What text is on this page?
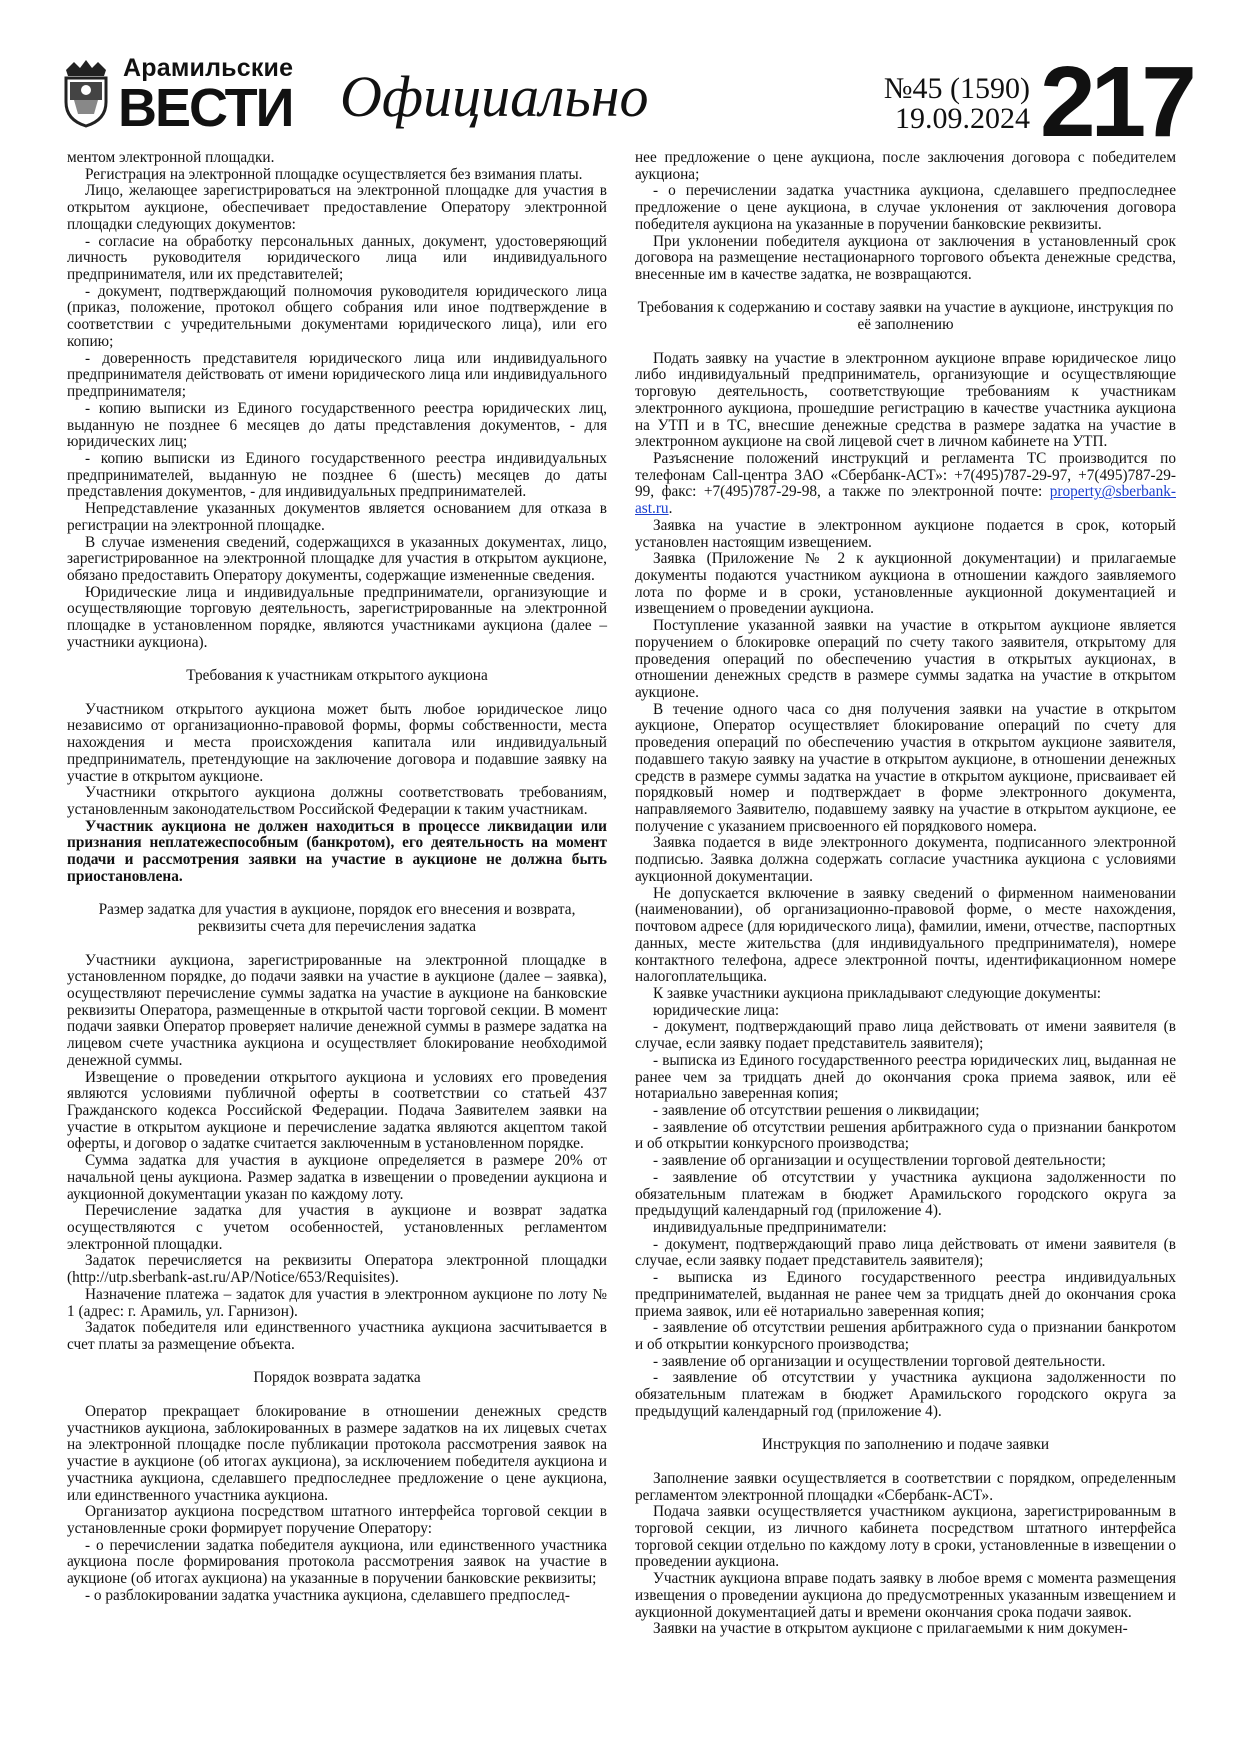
Арамильские
ВЕСТИ Официально	№45 (1590)
19.09.2024 217

ментом электронной площадки.

Регистрация на электронной площадке осуществляется без взимания платы.

Лицо, желающее зарегистрироваться на электронной площадке для участия в открытом аукционе, обеспечивает предоставление Оператору электронной площадки следующих документов:

- согласие на обработку персональных данных, документ, удостоверяющий личность руководителя юридического лица или индивидуального предпринимателя, или их представителей;

- документ, подтверждающий полномочия руководителя юридического лица (приказ, положение, протокол общего собрания или иное подтверждение в соответствии с учредительными документами юридического лица), или его копию;

- доверенность представителя юридического лица или индивидуального предпринимателя действовать от имени юридического лица или индивидуального предпринимателя;

- копию выписки из Единого государственного реестра юридических лиц, выданную не позднее 6 месяцев до даты представления документов, - для юридических лиц;

- копию выписки из Единого государственного реестра индивидуальных предпринимателей, выданную не позднее 6 (шесть) месяцев до даты представления документов, - для индивидуальных предпринимателей.

Непредставление указанных документов является основанием для отказа в регистрации на электронной площадке.

В случае изменения сведений, содержащихся в указанных документах, лицо, зарегистрированное на электронной площадке для участия в открытом аукционе, обязано предоставить Оператору документы, содержащие измененные сведения.

Юридические лица и индивидуальные предприниматели, организующие и осуществляющие торговую деятельность, зарегистрированные на электронной площадке в установленном порядке, являются участниками аукциона (далее – участники аукциона).

Требования к участникам открытого аукциона

Участником открытого аукциона может быть любое юридическое лицо независимо от организационно-правовой формы, формы собственности, места нахождения и места происхождения капитала или индивидуальный предприниматель, претендующие на заключение договора и подавшие заявку на участие в открытом аукционе.

Участники открытого аукциона должны соответствовать требованиям, установленным законодательством Российской Федерации к таким участникам.

Участник аукциона не должен находиться в процессе ликвидации или признания неплатежеспособным (банкротом), его деятельность на момент подачи и рассмотрения заявки на участие в аукционе не должна быть приостановлена.

Размер задатка для участия в аукционе, порядок его внесения и возврата, реквизиты счета для перечисления задатка

Участники аукциона, зарегистрированные на электронной площадке в установленном порядке, до подачи заявки на участие в аукционе (далее – заявка), осуществляют перечисление суммы задатка на участие в аукционе на банковские реквизиты Оператора, размещенные в открытой части торговой секции. В момент подачи заявки Оператор проверяет наличие денежной суммы в размере задатка на лицевом счете участника аукциона и осуществляет блокирование необходимой денежной суммы.

Извещение о проведении открытого аукциона и условиях его проведения являются условиями публичной оферты в соответствии со статьей 437 Гражданского кодекса Российской Федерации. Подача Заявителем заявки на участие в открытом аукционе и перечисление задатка являются акцептом такой оферты, и договор о задатке считается заключенным в установленном порядке.

Сумма задатка для участия в аукционе определяется в размере 20% от начальной цены аукциона. Размер задатка в извещении о проведении аукциона и аукционной документации указан по каждому лоту.

Перечисление задатка для участия в аукционе и возврат задатка осуществляются с учетом особенностей, установленных регламентом электронной площадки.

Задаток перечисляется на реквизиты Оператора электронной площадки (http://utp.sberbank-ast.ru/AP/Notice/653/Requisites).

Назначение платежа – задаток для участия в электронном аукционе по лоту № 1 (адрес: г. Арамиль, ул. Гарнизон).

Задаток победителя или единственного участника аукциона засчитывается в счет платы за размещение объекта.

Порядок возврата задатка

Оператор прекращает блокирование в отношении денежных средств участников аукциона, заблокированных в размере задатков на их лицевых счетах на электронной площадке после публикации протокола рассмотрения заявок на участие в аукционе (об итогах аукциона), за исключением победителя аукциона и участника аукциона, сделавшего предпоследнее предложение о цене аукциона, или единственного участника аукциона.

Организатор аукциона посредством штатного интерфейса торговой секции в установленные сроки формирует поручение Оператору:

- о перечислении задатка победителя аукциона, или единственного участника аукциона после формирования протокола рассмотрения заявок на участие в аукционе (об итогах аукциона) на указанные в поручении банковские реквизиты;

- о разблокировании задатка участника аукциона, сделавшего предпослед-

нее предложение о цене аукциона, после заключения договора с победителем аукциона;

- о перечислении задатка участника аукциона, сделавшего предпоследнее предложение о цене аукциона, в случае уклонения от заключения договора победителя аукциона на указанные в поручении банковские реквизиты.

При уклонении победителя аукциона от заключения в установленный срок договора на размещение нестационарного торгового объекта денежные средства, внесенные им в качестве задатка, не возвращаются.

Требования к содержанию и составу заявки на участие в аукционе, инструкция по её заполнению

Подать заявку на участие в электронном аукционе вправе юридическое лицо либо индивидуальный предприниматель, организующие и осуществляющие торговую деятельность, соответствующие требованиям к участникам электронного аукциона, прошедшие регистрацию в качестве участника аукциона на УТП и в ТС, внесшие денежные средства в размере задатка на участие в электронном аукционе на свой лицевой счет в личном кабинете на УТП.

Разъяснение положений инструкций и регламента ТС производится по телефонам Call-центра ЗАО «Сбербанк-АСТ»: +7(495)787-29-97, +7(495)787-29-99, факс: +7(495)787-29-98, а также по электронной почте: property@sberbank-ast.ru.

Заявка на участие в электронном аукционе подается в срок, который установлен настоящим извещением.

Заявка (Приложение № 2 к аукционной документации) и прилагаемые документы подаются участником аукциона в отношении каждого заявляемого лота по форме и в сроки, установленные аукционной документацией и извещением о проведении аукциона.

Поступление указанной заявки на участие в открытом аукционе является поручением о блокировке операций по счету такого заявителя, открытому для проведения операций по обеспечению участия в открытых аукционах, в отношении денежных средств в размере суммы задатка на участие в открытом аукционе.

В течение одного часа со дня получения заявки на участие в открытом аукционе, Оператор осуществляет блокирование операций по счету для проведения операций по обеспечению участия в открытом аукционе заявителя, подавшего такую заявку на участие в открытом аукционе, в отношении денежных средств в размере суммы задатка на участие в открытом аукционе, присваивает ей порядковый номер и подтверждает в форме электронного документа, направляемого Заявителю, подавшему заявку на участие в открытом аукционе, ее получение с указанием присвоенного ей порядкового номера.

Заявка подается в виде электронного документа, подписанного электронной подписью. Заявка должна содержать согласие участника аукциона с условиями аукционной документации.

Не допускается включение в заявку сведений о фирменном наименовании (наименовании), об организационно-правовой форме, о месте нахождения, почтовом адресе (для юридического лица), фамилии, имени, отчестве, паспортных данных, месте жительства (для индивидуального предпринимателя), номере контактного телефона, адресе электронной почты, идентификационном номере налогоплательщика.

К заявке участники аукциона прикладывают следующие документы:

юридические лица:

- документ, подтверждающий право лица действовать от имени заявителя (в случае, если заявку подает представитель заявителя);

- выписка из Единого государственного реестра юридических лиц, выданная не ранее чем за тридцать дней до окончания срока приема заявок, или её нотариально заверенная копия;

- заявление об отсутствии решения о ликвидации;

- заявление об отсутствии решения арбитражного суда о признании банкротом и об открытии конкурсного производства;

- заявление об организации и осуществлении торговой деятельности;

- заявление об отсутствии у участника аукциона задолженности по обязательным платежам в бюджет Арамильского городского округа за предыдущий календарный год (приложение 4).

индивидуальные предприниматели:

- документ, подтверждающий право лица действовать от имени заявителя (в случае, если заявку подает представитель заявителя);

- выписка из Единого государственного реестра индивидуальных предпринимателей, выданная не ранее чем за тридцать дней до окончания срока приема заявок, или её нотариально заверенная копия;

- заявление об отсутствии решения арбитражного суда о признании банкротом и об открытии конкурсного производства;

- заявление об организации и осуществлении торговой деятельности.

- заявление об отсутствии у участника аукциона задолженности по обязательным платежам в бюджет Арамильского городского округа за предыдущий календарный год (приложение 4).

Инструкция по заполнению и подаче заявки

Заполнение заявки осуществляется в соответствии с порядком, определенным регламентом электронной площадки «Сбербанк-АСТ».

Подача заявки осуществляется участником аукциона, зарегистрированным в торговой секции, из личного кабинета посредством штатного интерфейса торговой секции отдельно по каждому лоту в сроки, установленные в извещении о проведении аукциона.

Участник аукциона вправе подать заявку в любое время с момента размещения извещения о проведении аукциона до предусмотренных указанным извещением и аукционной документацией даты и времени окончания срока подачи заявок.

Заявки на участие в открытом аукционе с прилагаемыми к ним докумен-
